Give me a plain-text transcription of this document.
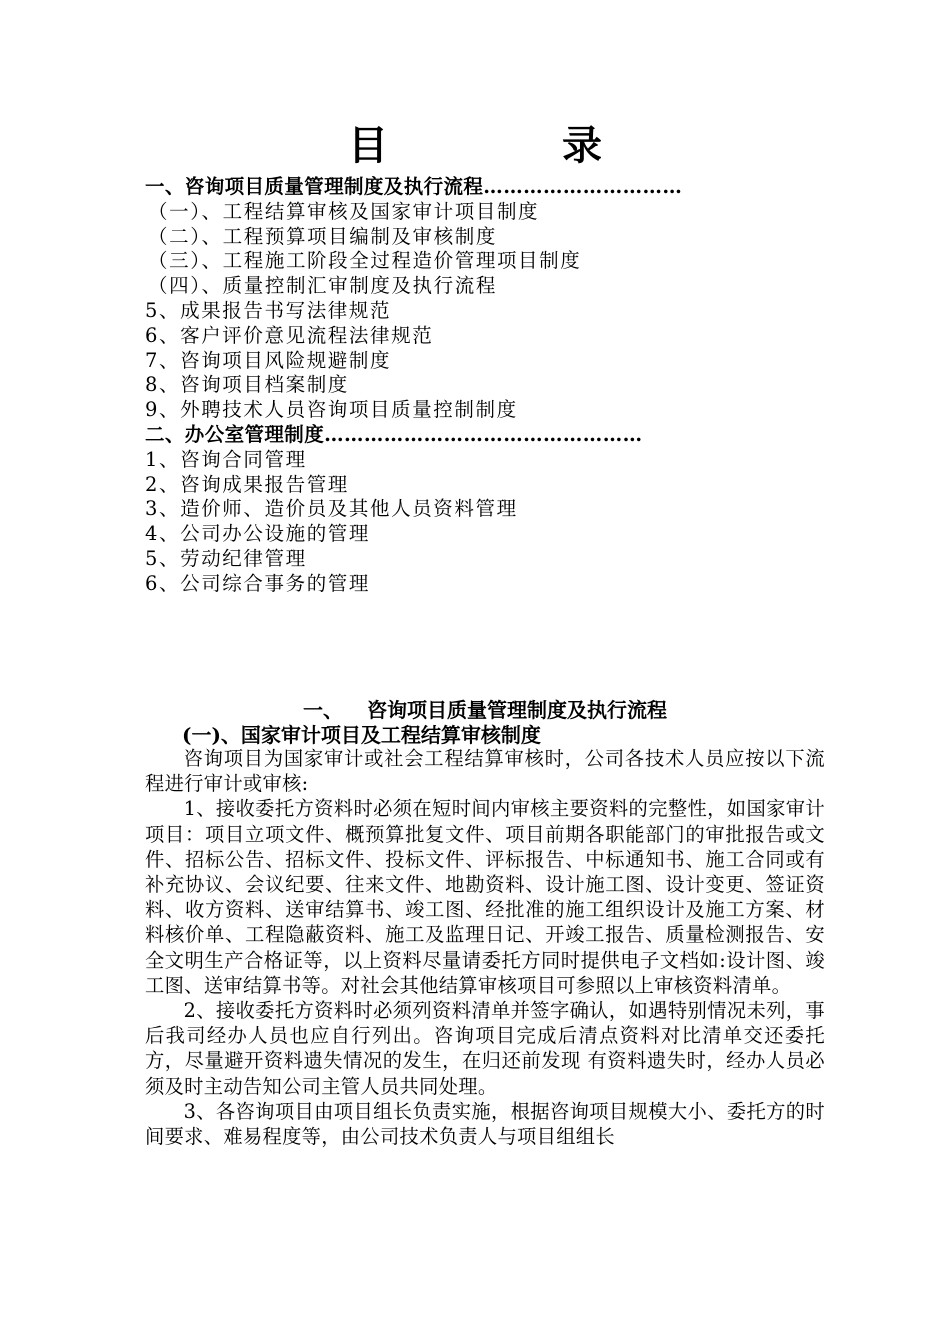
目 录
一、咨询项目质量管理制度及执行流程…………………………
（一）、工程结算审核及国家审计项目制度
（二）、工程预算项目编制及审核制度
（三）、工程施工阶段全过程造价管理项目制度
（四）、质量控制汇审制度及执行流程
5、成果报告书写法律规范
6、客户评价意见流程法律规范
7、咨询项目风险规避制度
8、咨询项目档案制度
9、外聘技术人员咨询项目质量控制制度
二、办公室管理制度…………………………………………
1、咨询合同管理
2、咨询成果报告管理
3、造价师、造价员及其他人员资料管理
4、公司办公设施的管理
5、劳动纪律管理
6、公司综合事务的管理
一、 咨询项目质量管理制度及执行流程
(一)、国家审计项目及工程结算审核制度

咨询项目为国家审计或社会工程结算审核时，公司各技术人员应按以下流程进行审计或审核:

1、接收委托方资料时必须在短时间内审核主要资料的完整性，如国家审计项目：项目立项文件、概预算批复文件、项目前期各职能部门的审批报告或文件、招标公告、招标文件、投标文件、评标报告、中标通知书、施工合同或有补充协议、会议纪要、往来文件、地勘资料、设计施工图、设计变更、签证资料、收方资料、送审结算书、竣工图、经批准的施工组织设计及施工方案、材料核价单、工程隐蔽资料、施工及监理日记、开竣工报告、质量检测报告、安全文明生产合格证等，以上资料尽量请委托方同时提供电子文档如:设计图、竣工图、送审结算书等。对社会其他结算审核项目可参照以上审核资料清单。

2、接收委托方资料时必须列资料清单并签字确认，如遇特别情况未列，事后我司经办人员也应自行列出。咨询项目完成后清点资料对比清单交还委托方，尽量避开资料遗失情况的发生，在归还前发现 有资料遗失时，经办人员必须及时主动告知公司主管人员共同处理。

3、各咨询项目由项目组长负责实施，根据咨询项目规模大小、委托方的时间要求、难易程度等，由公司技术负责人与项目组组长
